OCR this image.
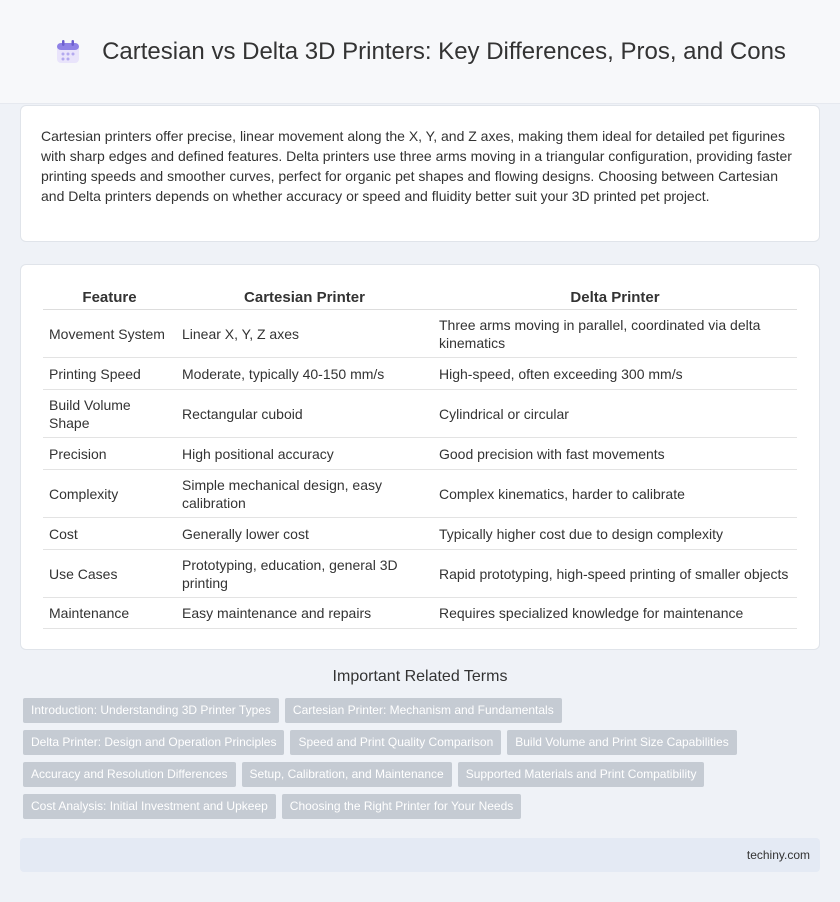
Cartesian vs Delta 3D Printers: Key Differences, Pros, and Cons

Cartesian printers offer precise, linear movement along the X, Y, and Z axes, making them ideal for detailed pet figurines with sharp edges and defined features. Delta printers use three arms moving in a triangular configuration, providing faster printing speeds and smoother curves, perfect for organic pet shapes and flowing designs. Choosing between Cartesian and Delta printers depends on whether accuracy or speed and fluidity better suit your 3D printed pet project.

Feature	Cartesian Printer	Delta Printer
Movement System	Linear X, Y, Z axes	Three arms moving in parallel, coordinated via delta kinematics
Printing Speed	Moderate, typically 40-150 mm/s	High-speed, often exceeding 300 mm/s
Build Volume Shape	Rectangular cuboid	Cylindrical or circular
Precision	High positional accuracy	Good precision with fast movements
Complexity	Simple mechanical design, easy calibration	Complex kinematics, harder to calibrate
Cost	Generally lower cost	Typically higher cost due to design complexity
Use Cases	Prototyping, education, general 3D printing	Rapid prototyping, high-speed printing of smaller objects
Maintenance	Easy maintenance and repairs	Requires specialized knowledge for maintenance
Important Related Terms
Introduction: Understanding 3D Printer Types	Cartesian Printer: Mechanism and Fundamentals
Delta Printer: Design and Operation Principles	Speed and Print Quality Comparison	Build Volume and Print Size Capabilities
Accuracy and Resolution Differences	Setup, Calibration, and Maintenance	Supported Materials and Print Compatibility
Cost Analysis: Initial Investment and Upkeep	Choosing the Right Printer for Your Needs
techiny.com
